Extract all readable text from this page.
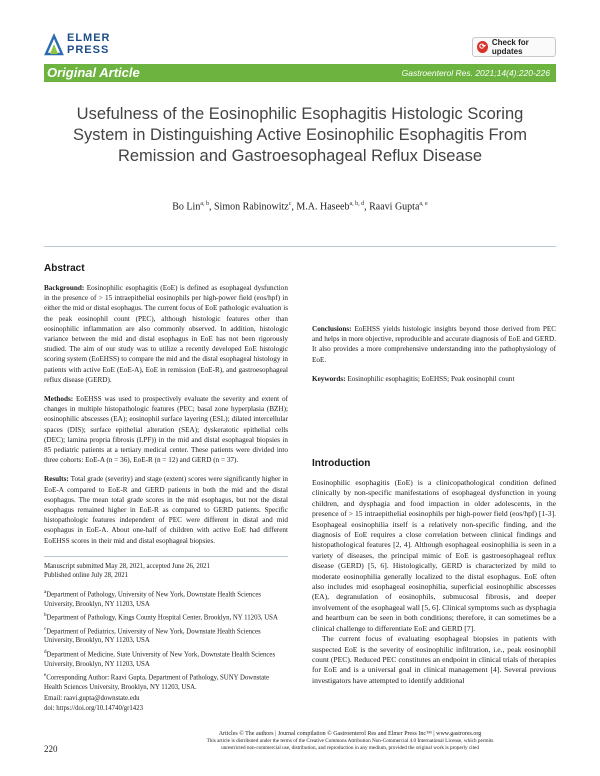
ELMER
PRESS	⟳ Check for updates
Original Article	Gastroenterol Res. 2021;14(4):220-226
Usefulness of the Eosinophilic Esophagitis Histologic Scoring System in Distinguishing Active Eosinophilic Esophagitis From Remission and Gastroesophageal Reflux Disease
Bo Lin$^{a, b}$, Simon Rabinowitz$^c$, M.A. Haseeb$^{a, b, d}$, Raavi Gupta$^{a, e}$
Abstract

Background: Eosinophilic esophagitis (EoE) is defined as esophageal dysfunction in the presence of > 15 intraepithelial eosinophils per high-power field (eos/hpf) in either the mid or distal esophagus. The current focus of EoE pathologic evaluation is the peak eosinophil count (PEC), although histologic features other than eosinophilic inflammation are also commonly observed. In addition, histologic variance between the mid and distal esophagus in EoE has not been rigorously studied. The aim of our study was to utilize a recently developed EoE histologic scoring system (EoEHSS) to compare the mid and the distal esophageal histology in patients with active EoE (EoE-A), EoE in remission (EoE-R), and gastroesophageal reflux disease (GERD).

Methods: EoEHSS was used to prospectively evaluate the severity and extent of changes in multiple histopathologic features (PEC; basal zone hyperplasia (BZH); eosinophilic abscesses (EA); eosinophil surface layering (ESL); dilated intercellular spaces (DIS); surface epithelial alteration (SEA); dyskeratotic epithelial cells (DEC); lamina propria fibrosis (LPF)) in the mid and distal esophageal biopsies in 85 pediatric patients at a tertiary medical center. These patients were divided into three cohorts: EoE-A (n = 36), EoE-R (n = 12) and GERD (n = 37).

Results: Total grade (severity) and stage (extent) scores were significantly higher in EoE-A compared to EoE-R and GERD patients in both the mid and the distal esophagus. The mean total grade scores in the mid esophagus, but not the distal esophagus remained higher in EoE-R as compared to GERD patients. Specific histopathologic features independent of PEC were different in distal and mid esophagus in EoE-A. About one-half of children with active EoE had different EoEHSS scores in their mid and distal esophageal biopsies.

Conclusions: EoEHSS yields histologic insights beyond those derived from PEC and helps in more objective, reproducible and accurate diagnosis of EoE and GERD. It also provides a more comprehensive understanding into the pathophysiology of EoE.

Keywords: Eosinophilic esophagitis; EoEHSS; Peak eosinophil count

Manuscript submitted May 28, 2021, accepted June 26, 2021
Published online July 28, 2021
$^a$Department of Pathology, University of New York, Downstate Health Sciences University, Brooklyn, NY 11203, USA
$^b$Department of Pathology, Kings County Hospital Center, Brooklyn, NY 11203, USA
$^c$Department of Pediatrics, University of New York, Downstate Health Sciences University, Brooklyn, NY 11203, USA
$^d$Department of Medicine, State University of New York, Downstate Health Sciences University, Brooklyn, NY 11203, USA
$^e$Corresponding Author: Raavi Gupta, Department of Pathology, SUNY Downstate Health Sciences University, Brooklyn, NY 11203, USA.
Email: raavi.gupta@downstate.edu
doi: https://doi.org/10.14740/gr1423
Introduction

Eosinophilic esophagitis (EoE) is a clinicopathological condition defined clinically by non-specific manifestations of esophageal dysfunction in young children, and dysphagia and food impaction in older adolescents, in the presence of > 15 intraepithelial eosinophils per high-power field (eos/hpf) [1-3]. Esophageal eosinophilia itself is a relatively non-specific finding, and the diagnosis of EoE requires a close correlation between clinical findings and histopathological features [2, 4]. Although esophageal eosinophilia is seen in a variety of diseases, the principal mimic of EoE is gastroesophageal reflux disease (GERD) [5, 6]. Histologically, GERD is characterized by mild to moderate eosinophilia generally localized to the distal esophagus. EoE often also includes mid esophageal eosinophilia, superficial eosinophilic abscesses (EA), degranulation of eosinophils, submucosal fibrosis, and deeper involvement of the esophageal wall [5, 6]. Clinical symptoms such as dysphagia and heartburn can be seen in both conditions; therefore, it can sometimes be a clinical challenge to differentiate EoE and GERD [7].

The current focus of evaluating esophageal biopsies in patients with suspected EoE is the severity of eosinophilic infiltration, i.e., peak eosinophil count (PEC). Reduced PEC constitutes an endpoint in clinical trials of therapies for EoE and is a universal goal in clinical management [4]. Several previous investigators have attempted to identify additional

220
Articles © The authors | Journal compilation © Gastroenterol Res and Elmer Press Inc™ | www.gastrores.org
This article is distributed under the terms of the Creative Commons Attribution Non-Commercial 4.0 International License, which permits
unrestricted non-commercial use, distribution, and reproduction in any medium, provided the original work is properly cited
